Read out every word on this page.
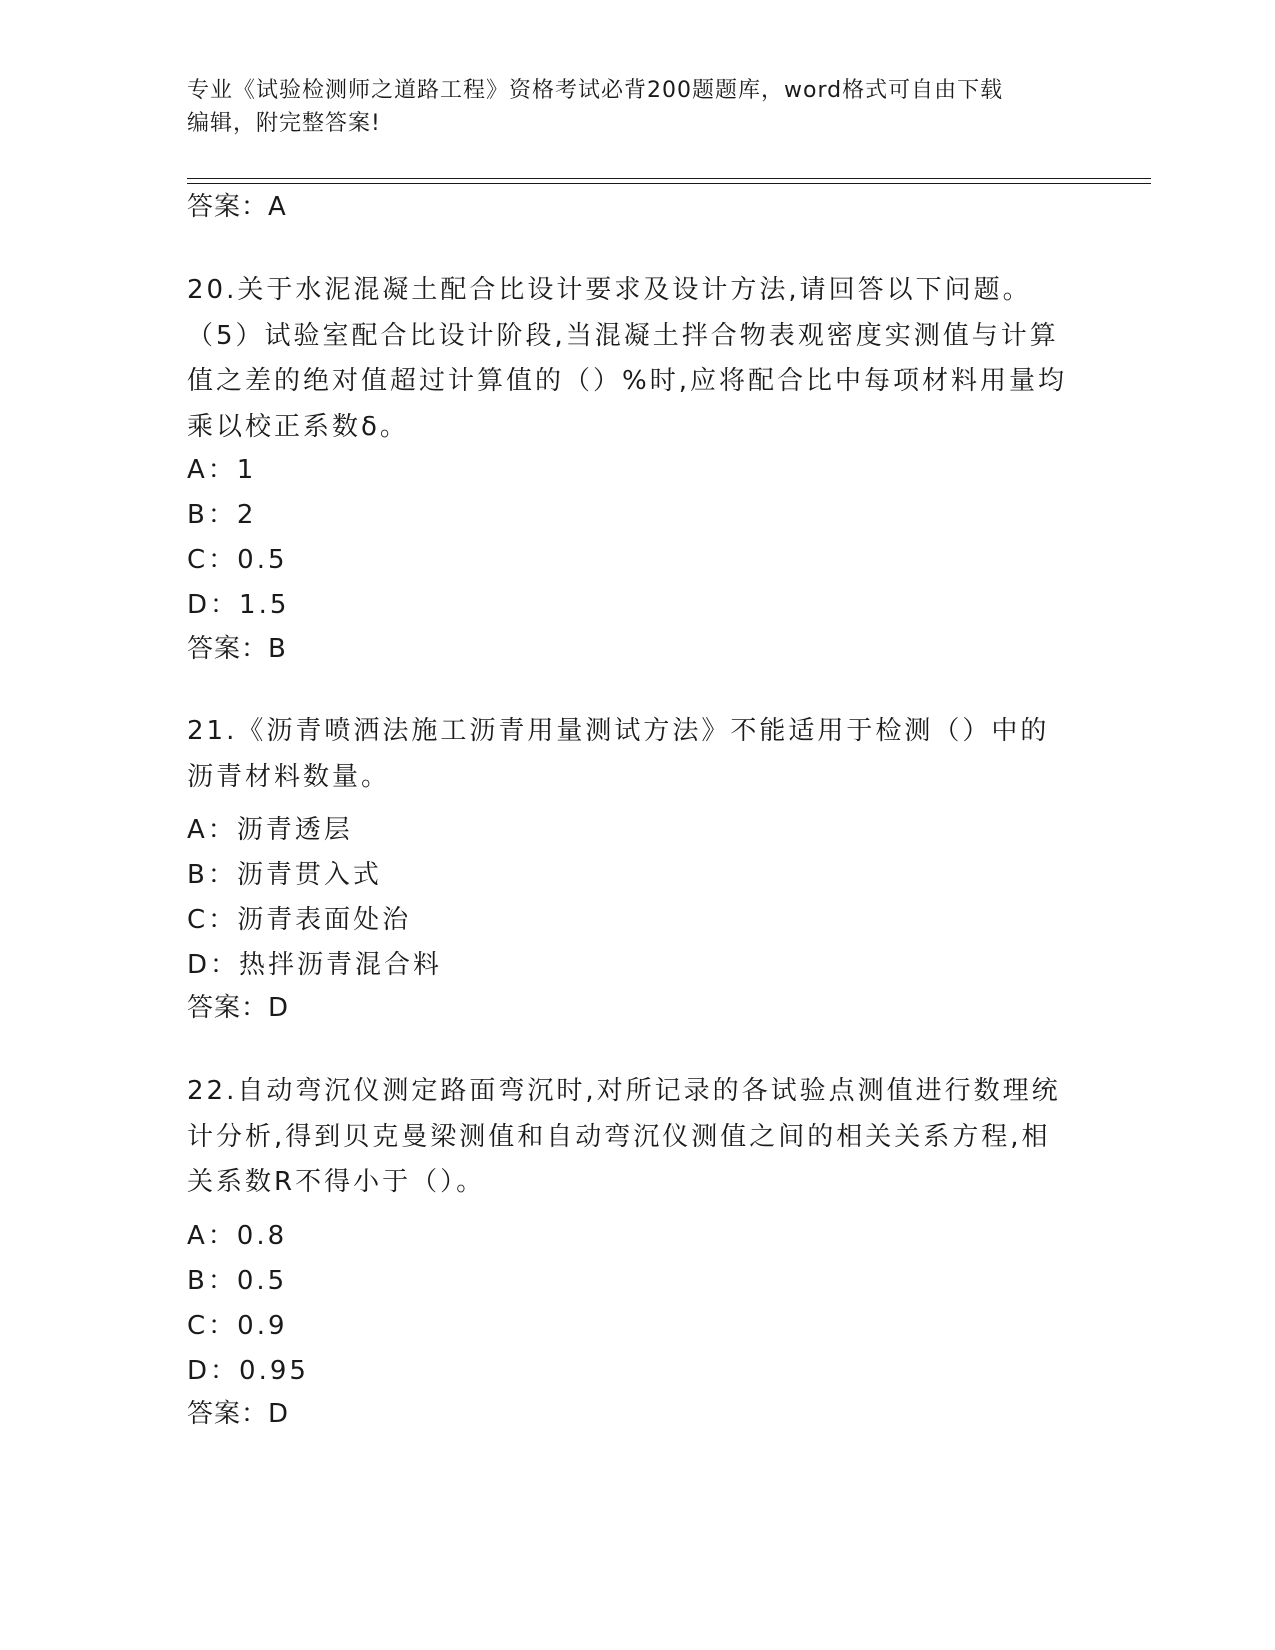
专业《试验检测师之道路工程》资格考试必背200题题库，word格式可自由下载
编辑，附完整答案!
答案：A
20.关于水泥混凝土配合比设计要求及设计方法,请回答以下问题。（5）试验室配合比设计阶段,当混凝土拌合物表观密度实测值与计算值之差的绝对值超过计算值的（）%时,应将配合比中每项材料用量均乘以校正系数δ。
A：1
B：2
C：0.5
D：1.5
答案：B
21.《沥青喷洒法施工沥青用量测试方法》不能适用于检测（）中的沥青材料数量。
A：沥青透层
B：沥青贯入式
C：沥青表面处治
D：热拌沥青混合料
答案：D
22.自动弯沉仪测定路面弯沉时,对所记录的各试验点测值进行数理统计分析,得到贝克曼梁测值和自动弯沉仪测值之间的相关关系方程,相关系数R不得小于（）。
A：0.8
B：0.5
C：0.9
D：0.95
答案：D
